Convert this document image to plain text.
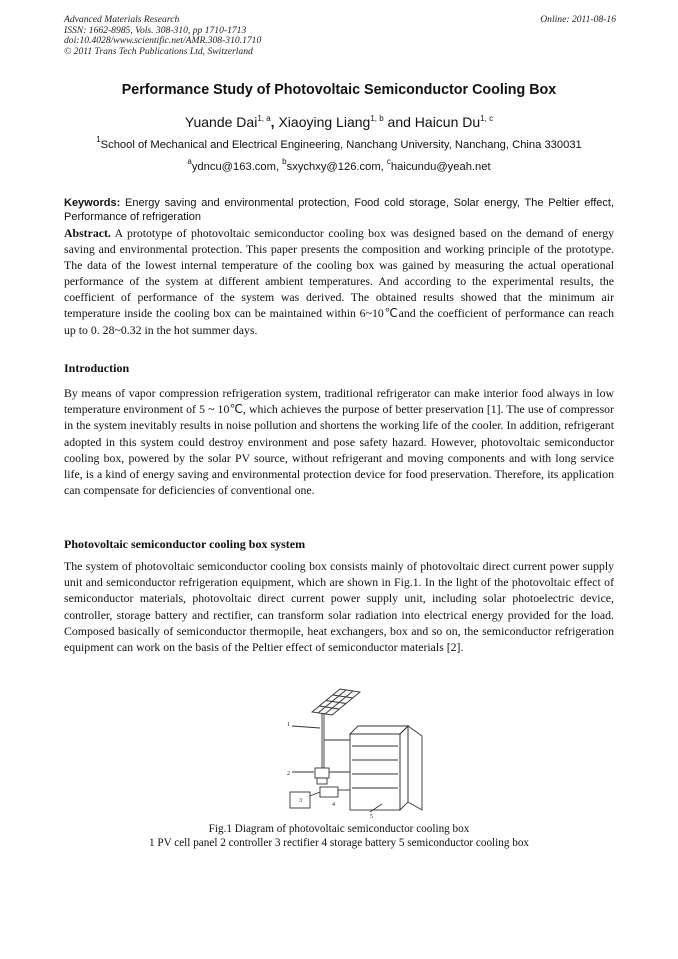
Advanced Materials Research
ISSN: 1662-8985, Vols. 308-310, pp 1710-1713
doi:10.4028/www.scientific.net/AMR.308-310.1710
© 2011 Trans Tech Publications Ltd, Switzerland
Online: 2011-08-16
Performance Study of Photovoltaic Semiconductor Cooling Box
Yuande Dai$^{1, a}$, Xiaoying Liang$^{1, b}$ and Haicun Du$^{1, c}$
$^1$School of Mechanical and Electrical Engineering, Nanchang University, Nanchang, China 330031
$^a$ydncu@163.com, $^b$sxychxy@126.com, $^c$haicundu@yeah.net
Keywords: Energy saving and environmental protection, Food cold storage, Solar energy, The Peltier effect, Performance of refrigeration
Abstract. A prototype of photovoltaic semiconductor cooling box was designed based on the demand of energy saving and environmental protection. This paper presents the composition and working principle of the prototype. The data of the lowest internal temperature of the cooling box was gained by measuring the actual operational performance of the system at different ambient temperatures. And according to the experimental results, the coefficient of performance of the system was derived. The obtained results showed that the minimum air temperature inside the cooling box can be maintained within 6~10℃and the coefficient of performance can reach up to 0. 28~0.32 in the hot summer days.
Introduction
By means of vapor compression refrigeration system, traditional refrigerator can make interior food always in low temperature environment of 5 ~ 10℃, which achieves the purpose of better preservation [1]. The use of compressor in the system inevitably results in noise pollution and shortens the working life of the cooler. In addition, refrigerant adopted in this system could destroy environment and pose safety hazard. However, photovoltaic semiconductor cooling box, powered by the solar PV source, without refrigerant and moving components and with long service life, is a kind of energy saving and environmental protection device for food preservation. Therefore, its application can compensate for deficiencies of conventional one.
Photovoltaic semiconductor cooling box system
The system of photovoltaic semiconductor cooling box consists mainly of photovoltaic direct current power supply unit and semiconductor refrigeration equipment, which are shown in Fig.1. In the light of the photovoltaic effect of semiconductor materials, photovoltaic direct current power supply unit, including solar photoelectric device, controller, storage battery and rectifier, can transform solar radiation into electrical energy provided for the load. Composed basically of semiconductor thermopile, heat exchangers, box and so on, the semiconductor refrigeration equipment can work on the basis of the Peltier effect of semiconductor materials [2].
1
2
3
4
5
Fig.1 Diagram of photovoltaic semiconductor cooling box
1 PV cell panel 2 controller 3 rectifier 4 storage battery 5 semiconductor cooling box
